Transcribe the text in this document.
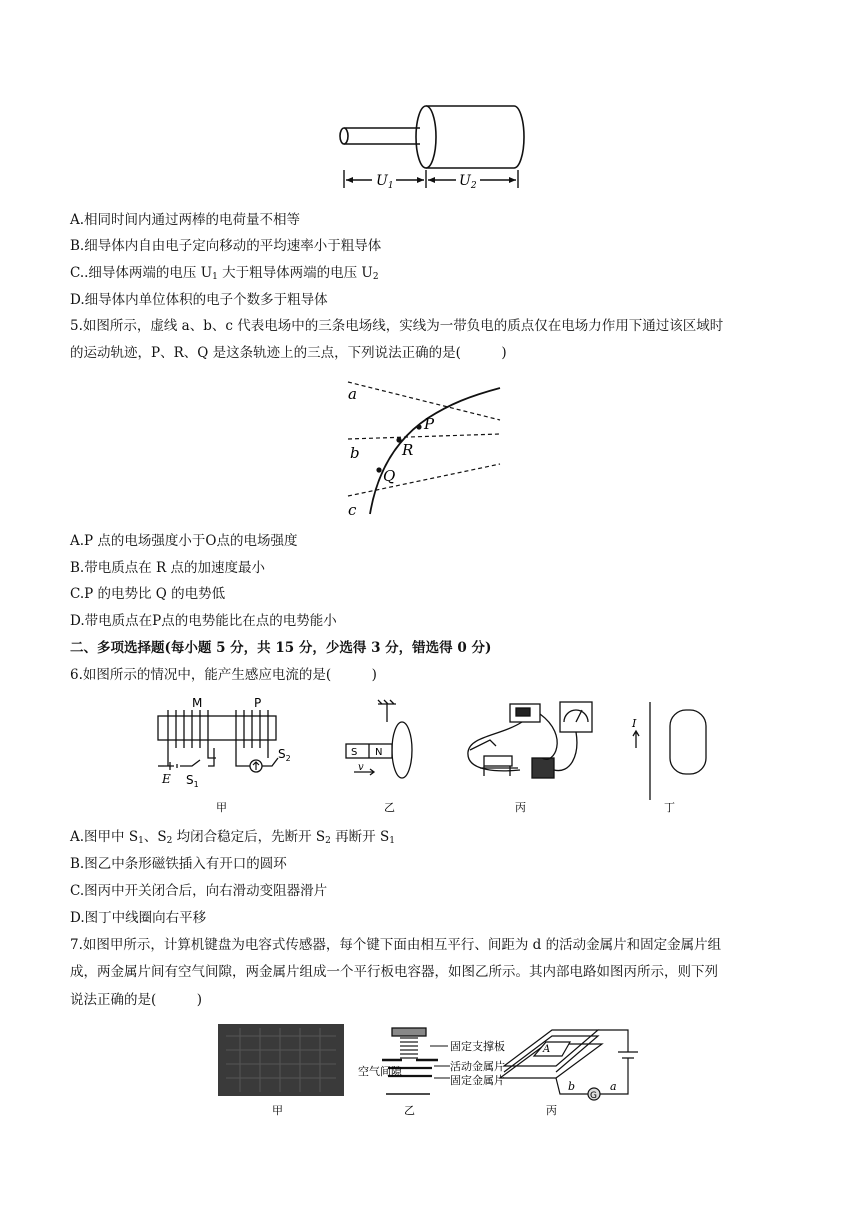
$U_1$	$U_2$
A.相同时间内通过两棒的电荷量不相等
B.细导体内自由电子定向移动的平均速率小于粗导体
C..细导体两端的电压 $U_1$ 大于粗导体两端的电压 $U_2$
D.细导体内单位体积的电子个数多于粗导体
5.如图所示，虚线 a、b、c 代表电场中的三条电场线，实线为一带负电的质点仅在电场力作用下通过该区域时
的运动轨迹，P、R、Q 是这条轨迹上的三点，下列说法正确的是(　　　)
a
b
c
P
R
Q
A.P 点的电场强度小于O点的电场强度
B.带电质点在 R 点的加速度最小
C.P 的电势比 Q 的电势低
D.带电质点在P点的电势能比在点的电势能小
二、多项选择题(每小题 5 分，共 15 分，少选得 3 分，错选得 0 分)
6.如图所示的情况中，能产生感应电流的是(　　　)
M	P
E $S_1$
$S_2$
S N
v
I
甲	乙	丙	丁
A.图甲中 $S_1$、$S_2$ 均闭合稳定后，先断开 $S_2$ 再断开 $S_1$
B.图乙中条形磁铁插入有开口的圆环
C.图丙中开关闭合后，向右滑动变阻器滑片
D.图丁中线圈向右平移
7.如图甲所示，计算机键盘为电容式传感器，每个键下面由相互平行、间距为 d 的活动金属片和固定金属片组
成，两金属片间有空气间隙，两金属片组成一个平行板电容器，如图乙所示。其内部电路如图丙所示，则下列
说法正确的是(　　　)
固定支撑板
空气间隙	活动金属片
固定金属片
A
b
G
a
甲	乙	丙
